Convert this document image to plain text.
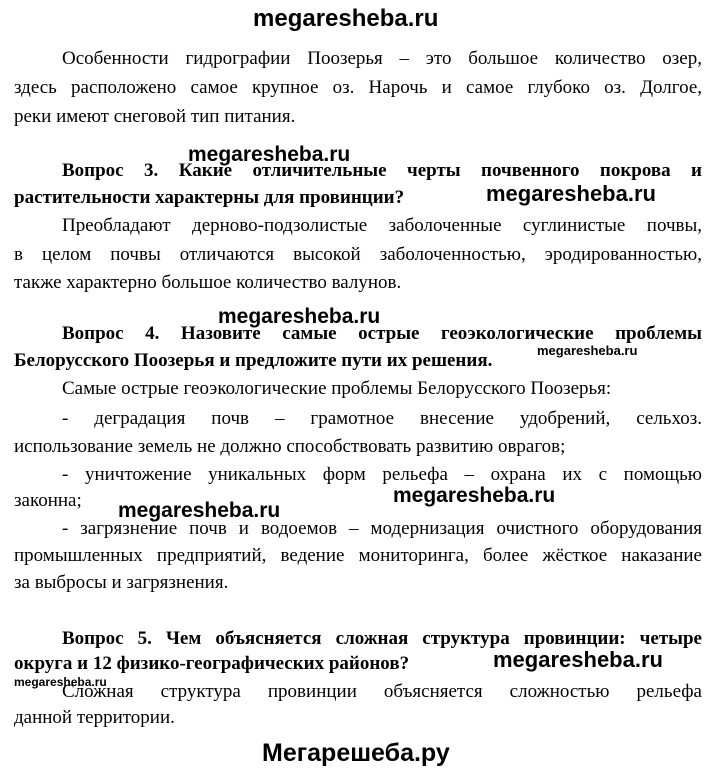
megaresheba.ru
Особенности гидрографии Поозерья – это большое количество озер,
здесь расположено самое крупное оз. Нарочь и самое глубоко оз. Долгое,
реки имеют снеговой тип питания.
megaresheba.ru
Вопрос 3. Какие отличительные черты почвенного покрова и
растительности характерны для провинции?	megaresheba.ru
Преобладают дерново-подзолистые заболоченные суглинистые почвы,
в целом почвы отличаются высокой заболоченностью, эродированностью,
также характерно большое количество валунов.
megaresheba.ru
Вопрос 4. Назовите самые острые геоэкологические проблемы
Белорусского Поозерья и предложите пути их решения.	megaresheba.ru
Самые острые геоэкологические проблемы Белорусского Поозерья:
- деградация почв – грамотное внесение удобрений, сельхоз.
использование земель не должно способствовать развитию оврагов;
- уничтожение уникальных форм рельефа – охрана их с помощью
законна;	megaresheba.ru
megaresheba.ru
- загрязнение почв и водоемов – модернизация очистного оборудования
промышленных предприятий, ведение мониторинга, более жёсткое наказание
за выбросы и загрязнения.
Вопрос 5. Чем объясняется сложная структура провинции: четыре
округа и 12 физико-географических районов?	megaresheba.ru
Сложная структура провинции объясняется сложностью рельефа
megaresheba.ru
данной территории.
Мегарешеба.ру
